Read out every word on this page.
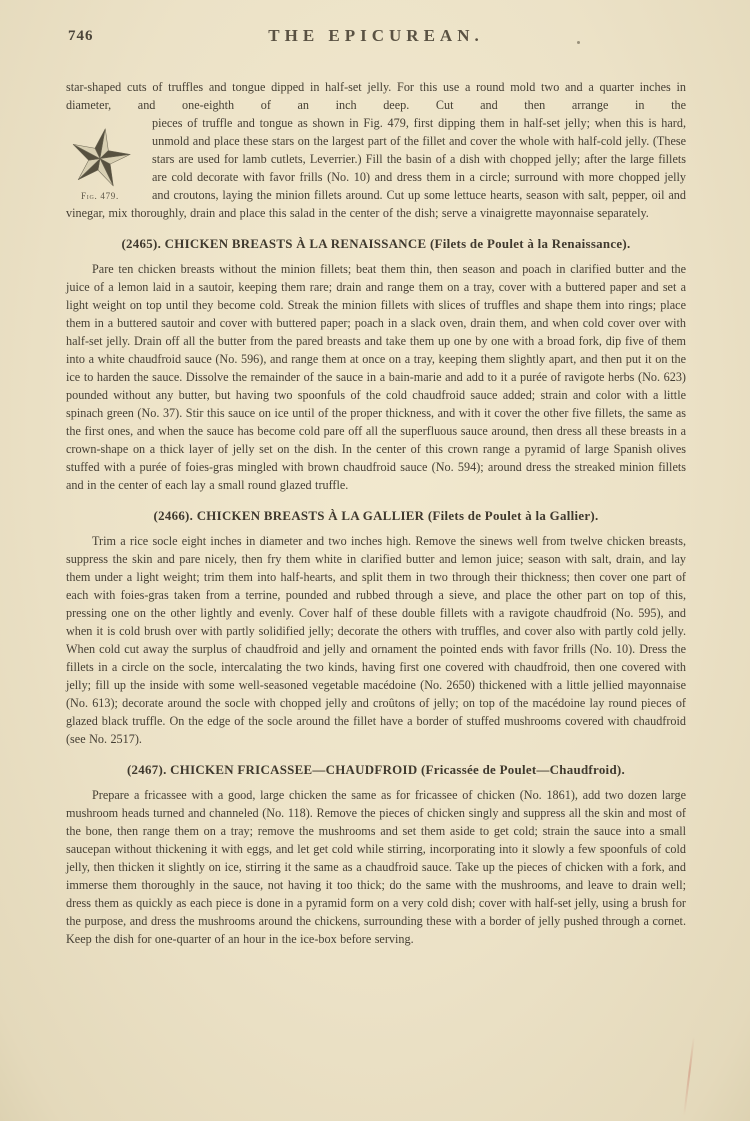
746	THE EPICUREAN.

star-shaped cuts of truffles and tongue dipped in half-set jelly. For this use a round mold two and a quarter inches in diameter, and one-eighth of an inch deep. Cut and then arrange in the

Fig. 479.

pieces of truffle and tongue as shown in Fig. 479, first dipping them in half-set jelly; when this is hard, unmold and place these stars on the largest part of the fillet and cover the whole with half-cold jelly. (These stars are used for lamb cutlets, Leverrier.) Fill the basin of a dish with chopped jelly; after the large fillets are cold decorate with favor frills (No. 10) and dress them in a circle; surround with more chopped jelly and croutons, laying the minion fillets around. Cut up some lettuce hearts, season with salt, pepper, oil and vinegar, mix thoroughly, drain and place this salad in the center of the dish; serve a vinaigrette mayonnaise separately.

(2465). CHICKEN BREASTS À LA RENAISSANCE (Filets de Poulet à la Renaissance).

Pare ten chicken breasts without the minion fillets; beat them thin, then season and poach in clarified butter and the juice of a lemon laid in a sautoir, keeping them rare; drain and range them on a tray, cover with a buttered paper and set a light weight on top until they become cold. Streak the minion fillets with slices of truffles and shape them into rings; place them in a buttered sautoir and cover with buttered paper; poach in a slack oven, drain them, and when cold cover over with half-set jelly. Drain off all the butter from the pared breasts and take them up one by one with a broad fork, dip five of them into a white chaudfroid sauce (No. 596), and range them at once on a tray, keeping them slightly apart, and then put it on the ice to harden the sauce. Dissolve the remainder of the sauce in a bain-marie and add to it a purée of ravigote herbs (No. 623) pounded without any butter, but having two spoonfuls of the cold chaudfroid sauce added; strain and color with a little spinach green (No. 37). Stir this sauce on ice until of the proper thickness, and with it cover the other five fillets, the same as the first ones, and when the sauce has become cold pare off all the superfluous sauce around, then dress all these breasts in a crown-shape on a thick layer of jelly set on the dish. In the center of this crown range a pyramid of large Spanish olives stuffed with a purée of foies-gras mingled with brown chaudfroid sauce (No. 594); around dress the streaked minion fillets and in the center of each lay a small round glazed truffle.

(2466). CHICKEN BREASTS À LA GALLIER (Filets de Poulet à la Gallier).

Trim a rice socle eight inches in diameter and two inches high. Remove the sinews well from twelve chicken breasts, suppress the skin and pare nicely, then fry them white in clarified butter and lemon juice; season with salt, drain, and lay them under a light weight; trim them into half-hearts, and split them in two through their thickness; then cover one part of each with foies-gras taken from a terrine, pounded and rubbed through a sieve, and place the other part on top of this, pressing one on the other lightly and evenly. Cover half of these double fillets with a ravigote chaudfroid (No. 595), and when it is cold brush over with partly solidified jelly; decorate the others with truffles, and cover also with partly cold jelly. When cold cut away the surplus of chaudfroid and jelly and ornament the pointed ends with favor frills (No. 10). Dress the fillets in a circle on the socle, intercalating the two kinds, having first one covered with chaudfroid, then one covered with jelly; fill up the inside with some well-seasoned vegetable macédoine (No. 2650) thickened with a little jellied mayonnaise (No. 613); decorate around the socle with chopped jelly and croûtons of jelly; on top of the macédoine lay round pieces of glazed black truffle. On the edge of the socle around the fillet have a border of stuffed mushrooms covered with chaudfroid (see No. 2517).

(2467). CHICKEN FRICASSEE—CHAUDFROID (Fricassée de Poulet—Chaudfroid).

Prepare a fricassee with a good, large chicken the same as for fricassee of chicken (No. 1861), add two dozen large mushroom heads turned and channeled (No. 118). Remove the pieces of chicken singly and suppress all the skin and most of the bone, then range them on a tray; remove the mushrooms and set them aside to get cold; strain the sauce into a small saucepan without thickening it with eggs, and let get cold while stirring, incorporating into it slowly a few spoonfuls of cold jelly, then thicken it slightly on ice, stirring it the same as a chaudfroid sauce. Take up the pieces of chicken with a fork, and immerse them thoroughly in the sauce, not having it too thick; do the same with the mushrooms, and leave to drain well; dress them as quickly as each piece is done in a pyramid form on a very cold dish; cover with half-set jelly, using a brush for the purpose, and dress the mushrooms around the chickens, surrounding these with a border of jelly pushed through a cornet. Keep the dish for one-quarter of an hour in the ice-box before serving.
